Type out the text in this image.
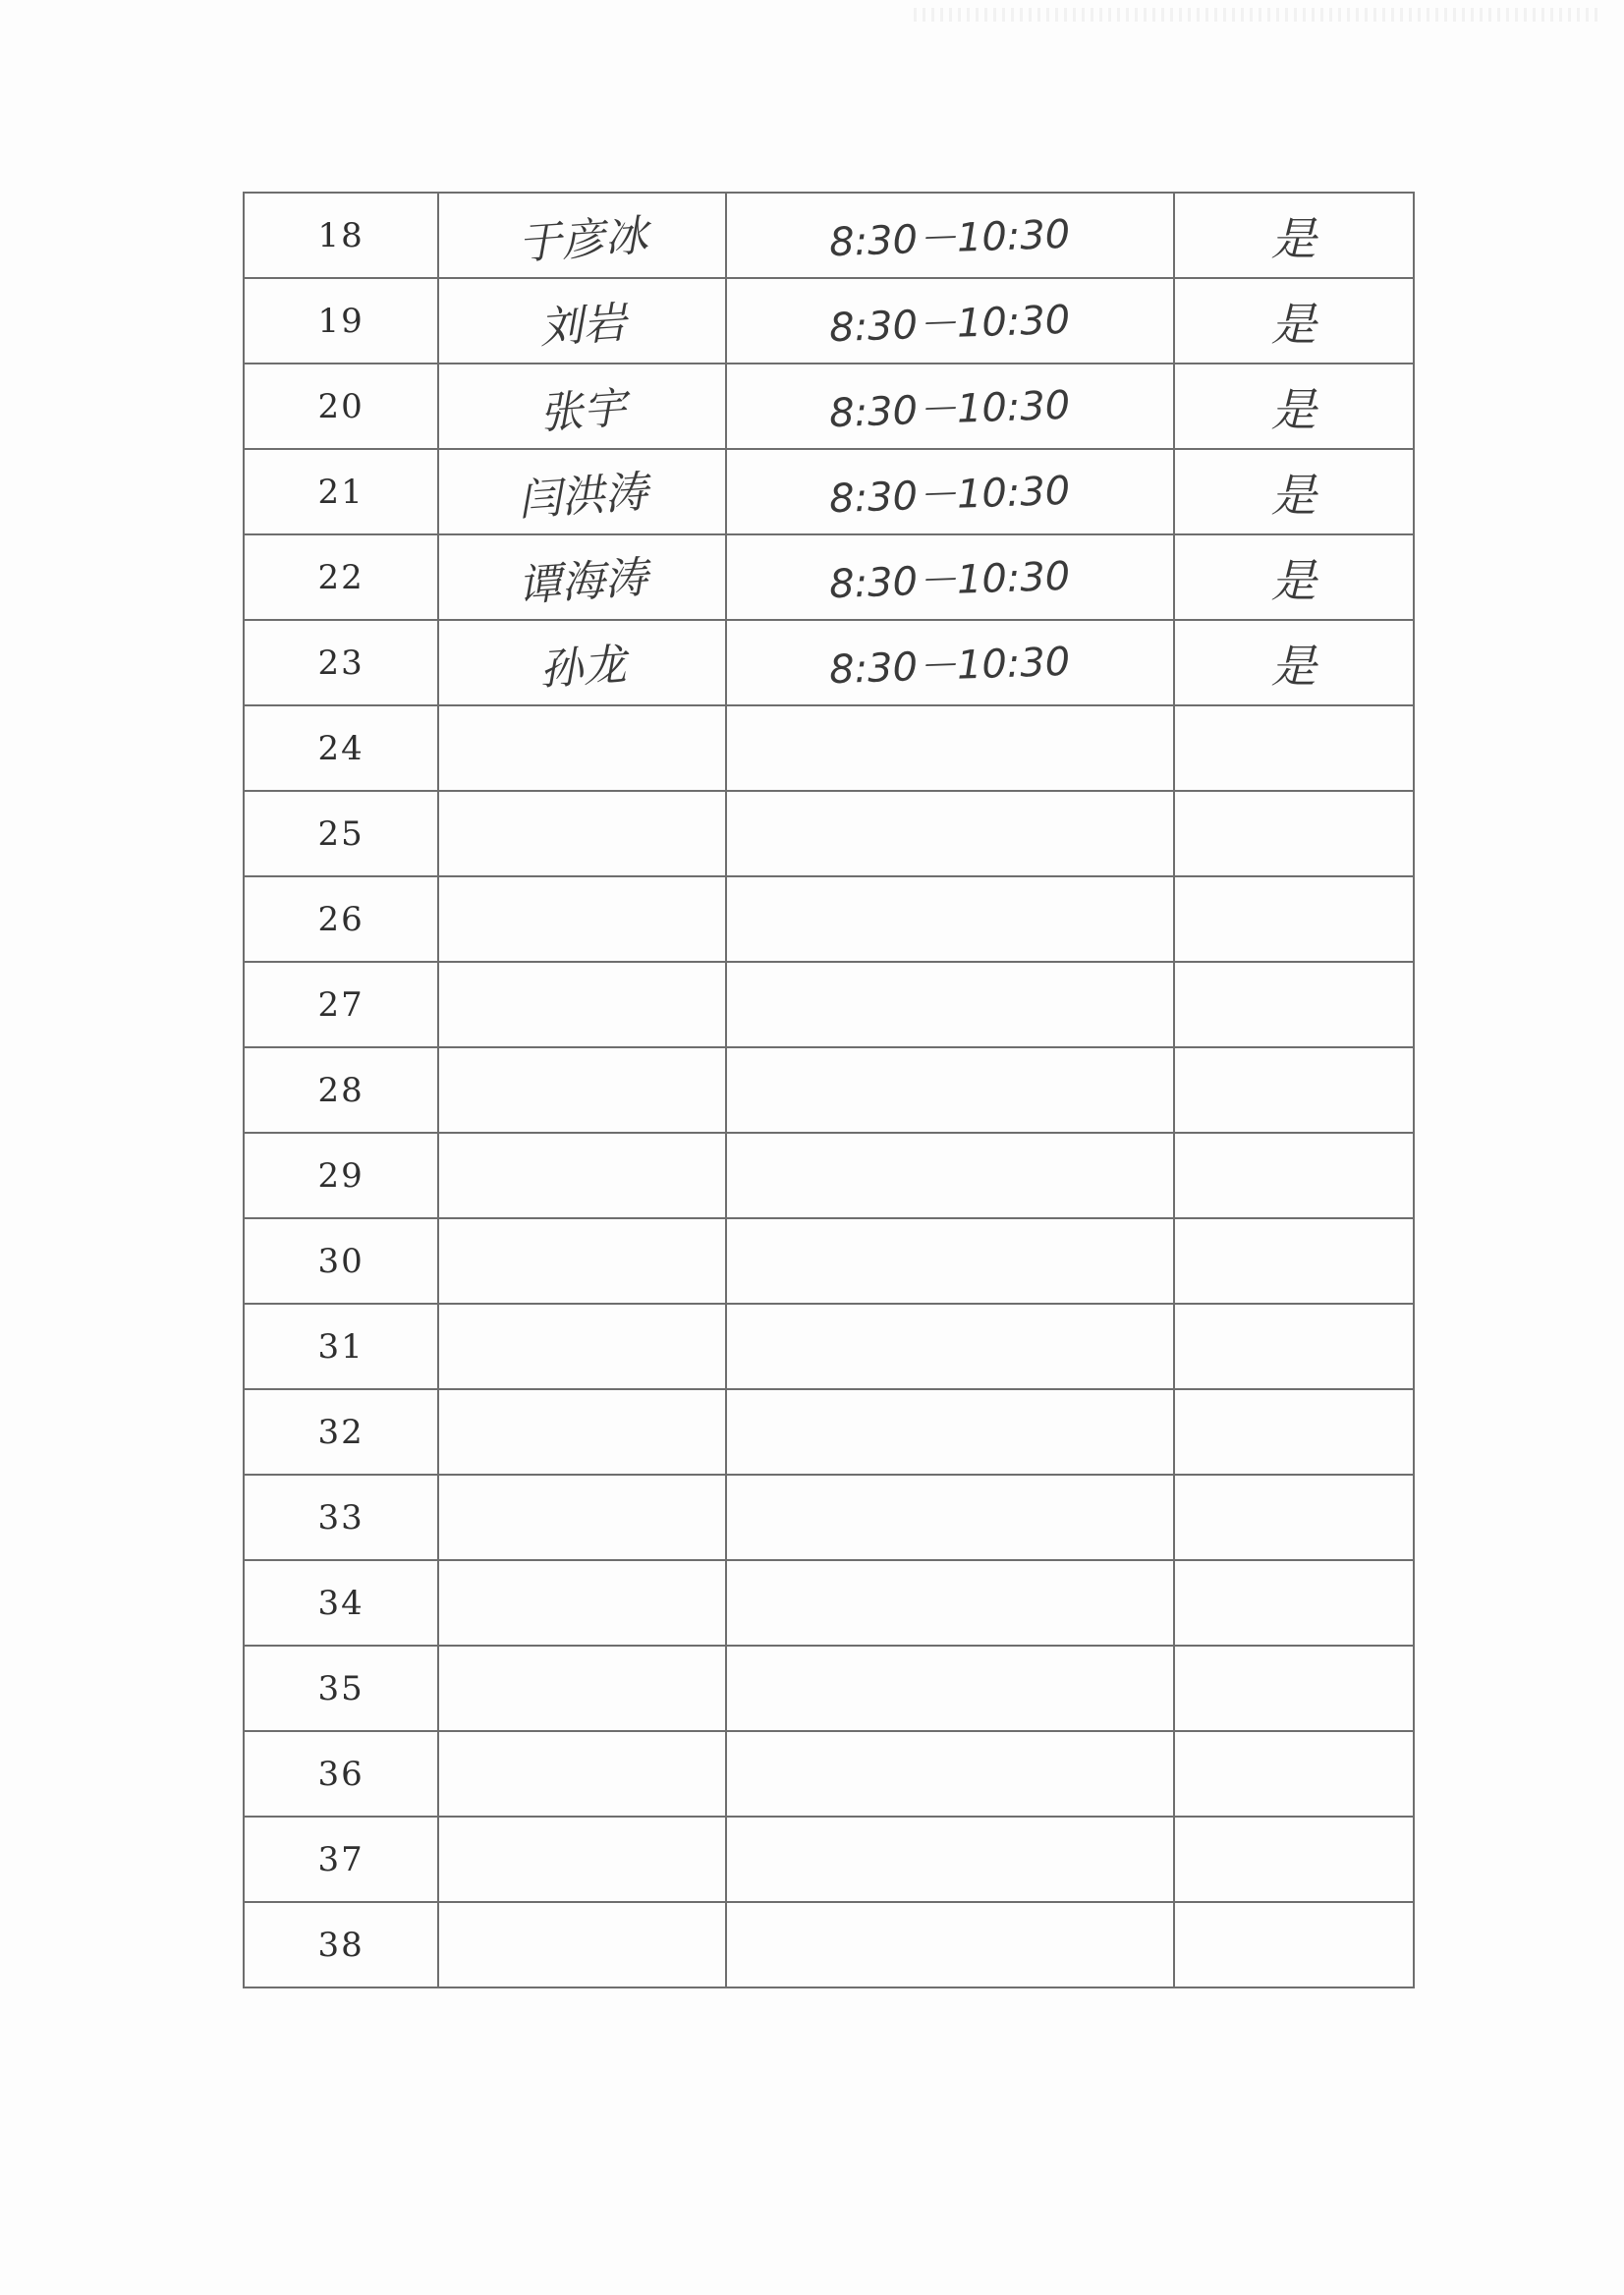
18	于彦冰	8:30－10:30	是
19	刘岩	8:30－10:30	是
20	张宇	8:30－10:30	是
21	闫洪涛	8:30－10:30	是
22	谭海涛	8:30－10:30	是
23	孙龙	8:30－10:30	是
24			
25			
26			
27			
28			
29			
30			
31			
32			
33			
34			
35			
36			
37			
38			
